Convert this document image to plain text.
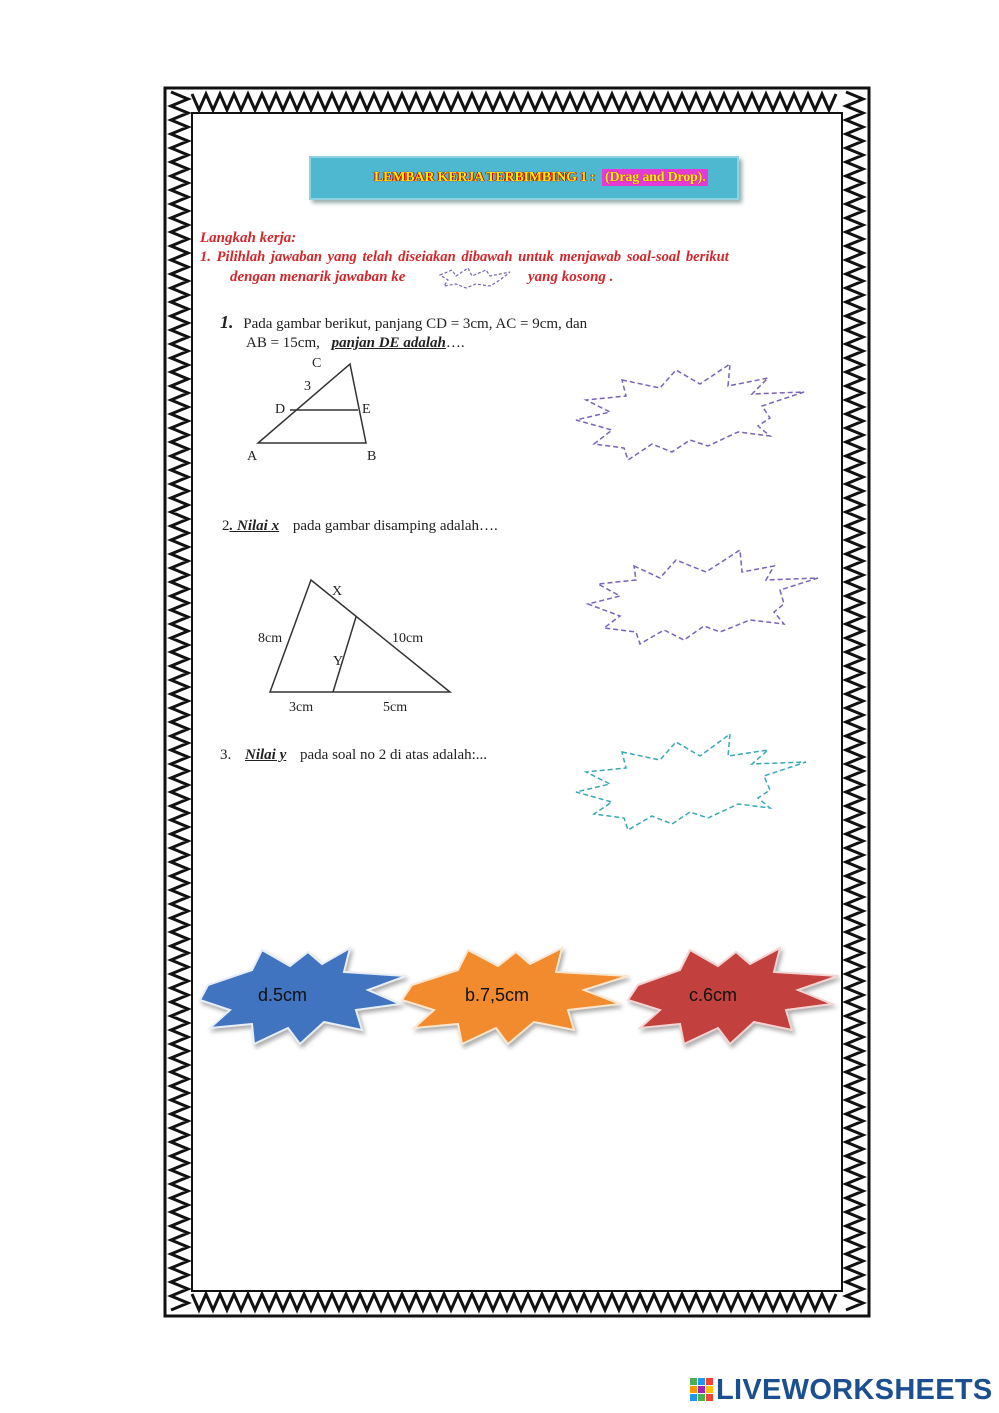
LEMBAR KERJA TERBIMBING 1 : (Drag and Drop).
Langkah kerja:
1. Pilihlah jawaban yang telah diseiakan dibawah untuk menjawab soal-soal berikut
dengan menarik jawaban ke	yang kosong .
1. Pada gambar berikut, panjang CD = 3cm, AC = 9cm, dan
AB = 15cm, panjan DE adalah….
C
3
D	E
A	B
2. Nilai x pada gambar disamping adalah….
X
8cm	10cm
Y
3cm	5cm
3. Nilai y pada soal no 2 di atas adalah:...
d.5cm	b.7,5cm	c.6cm
LIVEWORKSHEETS
